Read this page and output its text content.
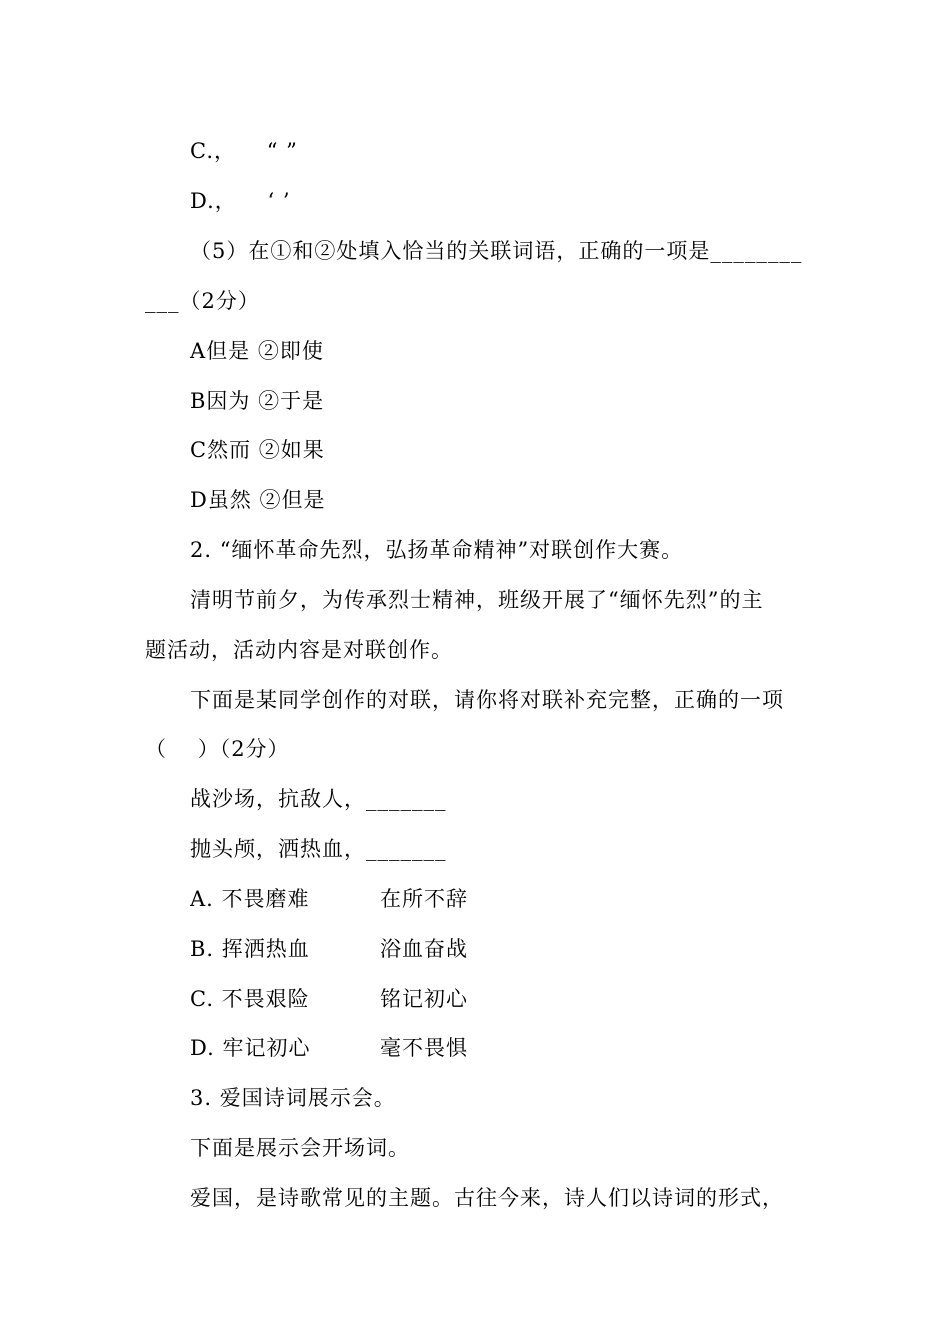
C.，    “ ”
D.，    ‘ ’
（5）在①和②处填入恰当的关联词语，正确的一项是________
___（2分）
A但是 ②即使
B因为 ②于是
C然而 ②如果
D虽然 ②但是
2. “缅怀革命先烈，弘扬革命精神”对联创作大赛。
清明节前夕，为传承烈士精神，班级开展了“缅怀先烈”的主
题活动，活动内容是对联创作。
下面是某同学创作的对联，请你将对联补充完整，正确的一项
（    ）（2分）
战沙场，抗敌人，_______
抛头颅，洒热血，_______
A. 不畏磨难	在所不辞
B. 挥洒热血	浴血奋战
C. 不畏艰险	铭记初心
D. 牢记初心	毫不畏惧
3. 爱国诗词展示会。
下面是展示会开场词。
爱国，是诗歌常见的主题。古往今来，诗人们以诗词的形式，
